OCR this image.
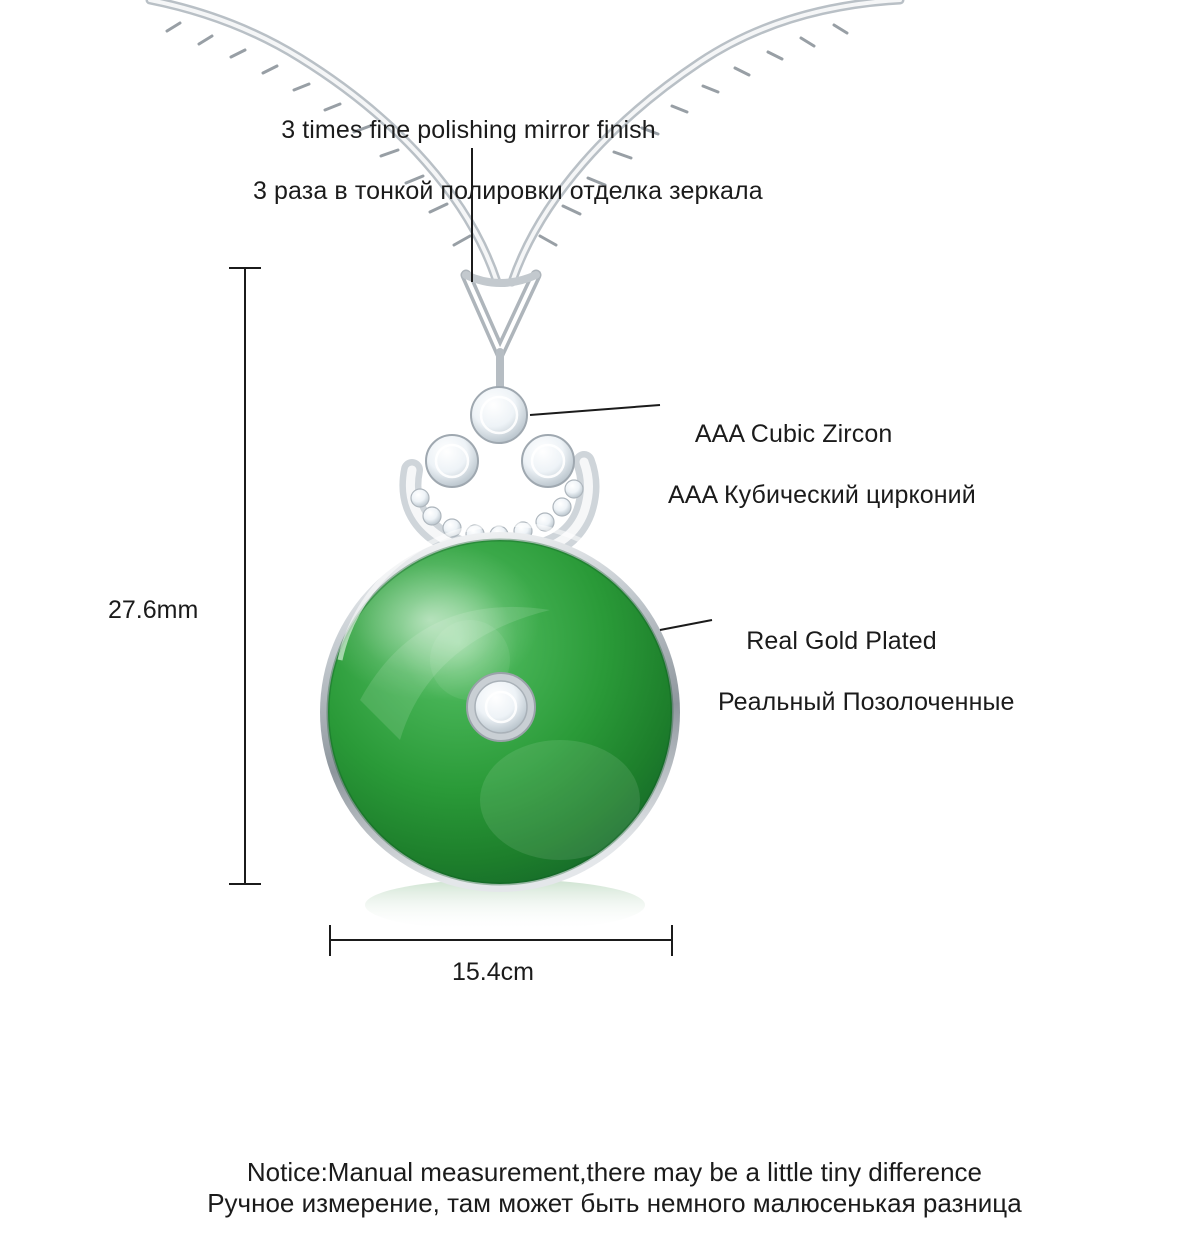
3 times fine polishing mirror finish

3 раза в тонкой полировки отделка зеркала

AAA Cubic Zircon

AAA Кубический цирконий

Real Gold Plated

Реальный Позолоченные

27.6mm
15.4cm

Notice:Manual measurement,there may be a little tiny difference
Ручное измерение, там может быть немного малюсенькая разница
